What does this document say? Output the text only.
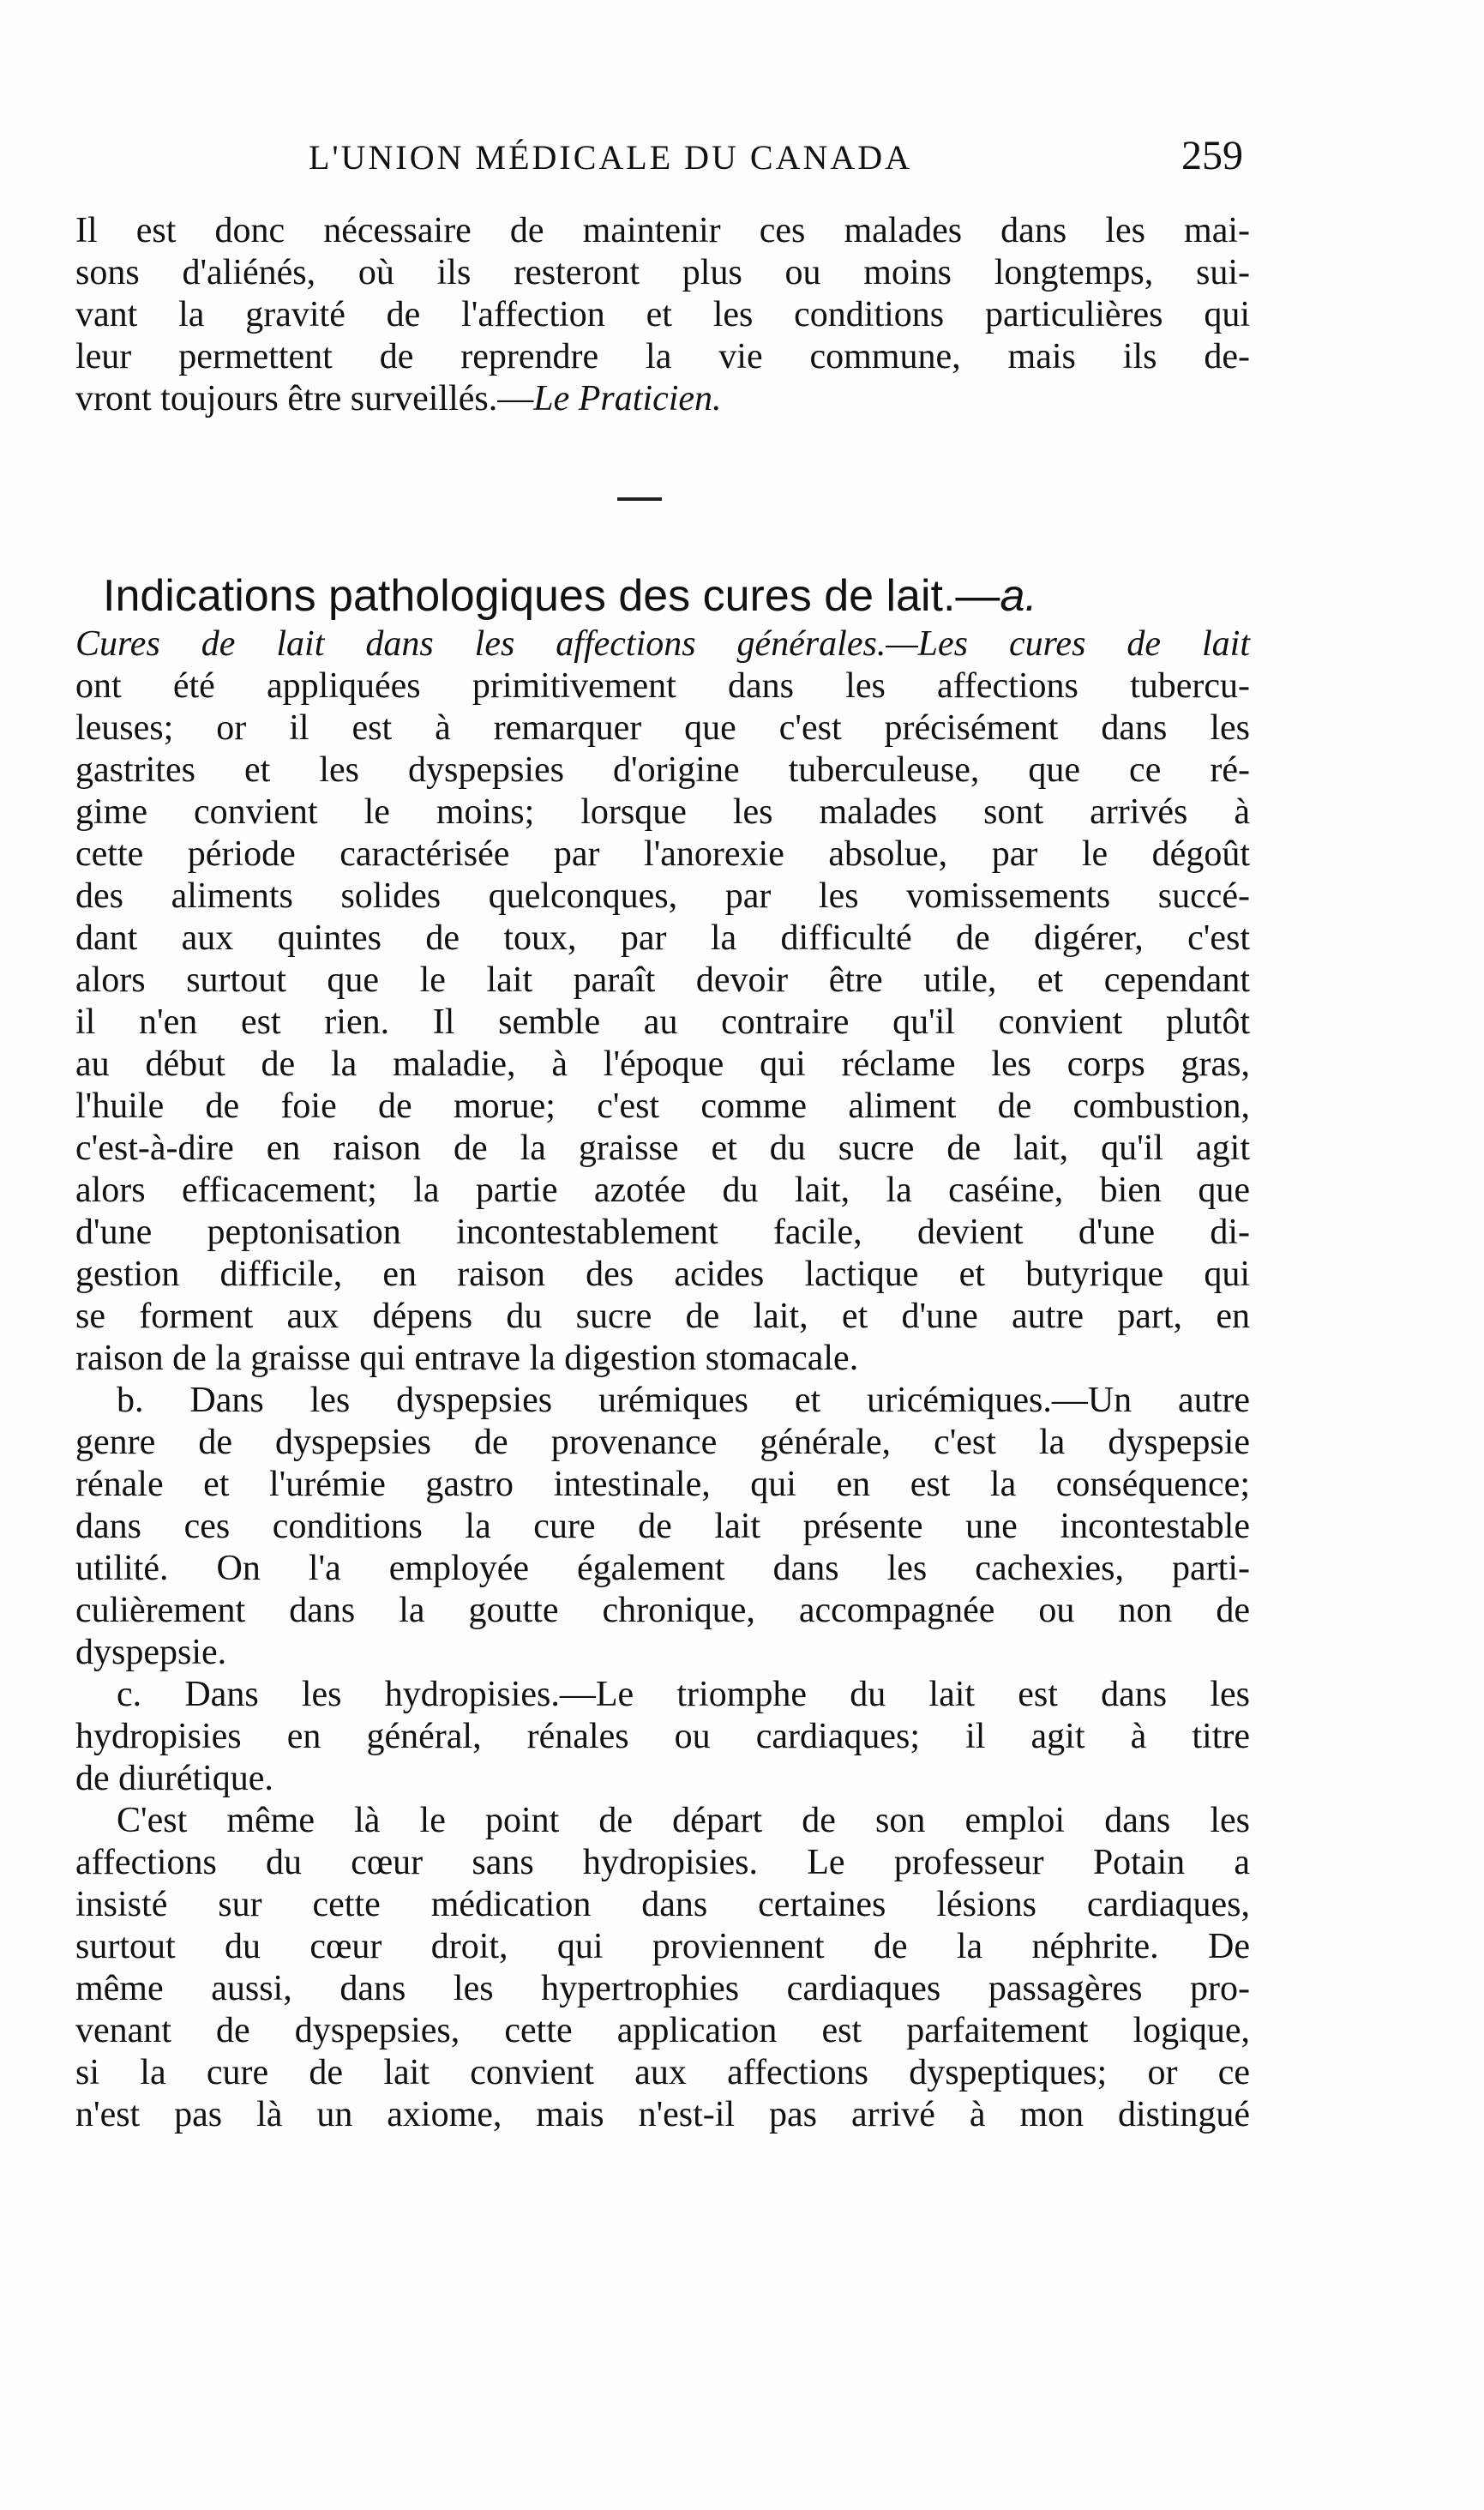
L'UNION MÉDICALE DU CANADA	259

Il est donc nécessaire de maintenir ces malades dans les mai-
sons d'aliénés, où ils resteront plus ou moins longtemps, sui-
vant la gravité de l'affection et les conditions particulières qui
leur permettent de reprendre la vie commune, mais ils de-
vront toujours être surveillés.—Le Praticien.

Indications pathologiques des cures de lait.—a.

Cures de lait dans les affections générales.—Les cures de lait
ont été appliquées primitivement dans les affections tubercu-
leuses; or il est à remarquer que c'est précisément dans les
gastrites et les dyspepsies d'origine tuberculeuse, que ce ré-
gime convient le moins; lorsque les malades sont arrivés à
cette période caractérisée par l'anorexie absolue, par le dégoût
des aliments solides quelconques, par les vomissements succé-
dant aux quintes de toux, par la difficulté de digérer, c'est
alors surtout que le lait paraît devoir être utile, et cependant
il n'en est rien. Il semble au contraire qu'il convient plutôt
au début de la maladie, à l'époque qui réclame les corps gras,
l'huile de foie de morue; c'est comme aliment de combustion,
c'est-à-dire en raison de la graisse et du sucre de lait, qu'il agit
alors efficacement; la partie azotée du lait, la caséine, bien que
d'une peptonisation incontestablement facile, devient d'une di-
gestion difficile, en raison des acides lactique et butyrique qui
se forment aux dépens du sucre de lait, et d'une autre part, en
raison de la graisse qui entrave la digestion stomacale.

b. Dans les dyspepsies urémiques et uricémiques.—Un autre
genre de dyspepsies de provenance générale, c'est la dyspepsie
rénale et l'urémie gastro intestinale, qui en est la conséquence;
dans ces conditions la cure de lait présente une incontestable
utilité. On l'a employée également dans les cachexies, parti-
culièrement dans la goutte chronique, accompagnée ou non de
dyspepsie.

c. Dans les hydropisies.—Le triomphe du lait est dans les
hydropisies en général, rénales ou cardiaques; il agit à titre
de diurétique.

C'est même là le point de départ de son emploi dans les
affections du cœur sans hydropisies. Le professeur Potain a
insisté sur cette médication dans certaines lésions cardiaques,
surtout du cœur droit, qui proviennent de la néphrite. De
même aussi, dans les hypertrophies cardiaques passagères pro-
venant de dyspepsies, cette application est parfaitement logique,
si la cure de lait convient aux affections dyspeptiques; or ce
n'est pas là un axiome, mais n'est-il pas arrivé à mon distingué
